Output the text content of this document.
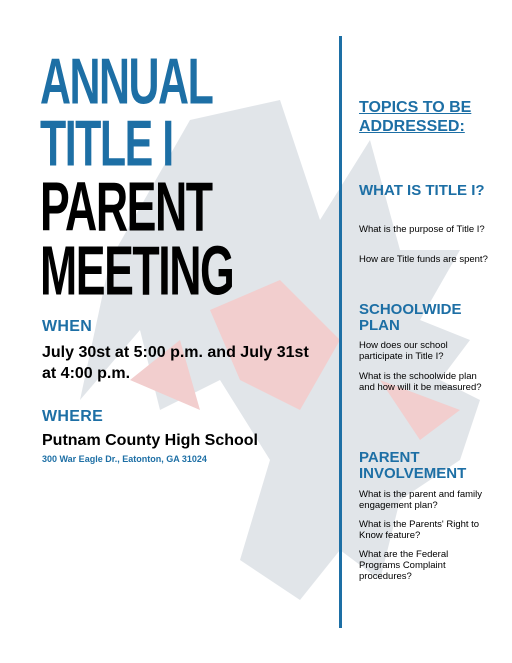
ANNUAL
TITLE I
PARENT
MEETING
WHEN
July 30st at 5:00 p.m. and July 31st at 4:00 p.m.
WHERE
Putnam County High School
300 War Eagle Dr., Eatonton, GA 31024
TOPICS TO BE ADDRESSED:
WHAT IS TITLE I?
What is the purpose of Title I?
How are Title funds are spent?
SCHOOLWIDE PLAN
How does our school participate in Title I?
What is the schoolwide plan and how will it be measured?
PARENT INVOLVEMENT
What is the parent and family engagement plan?
What is the Parents' Right to Know feature?
What are the Federal Programs Complaint procedures?
